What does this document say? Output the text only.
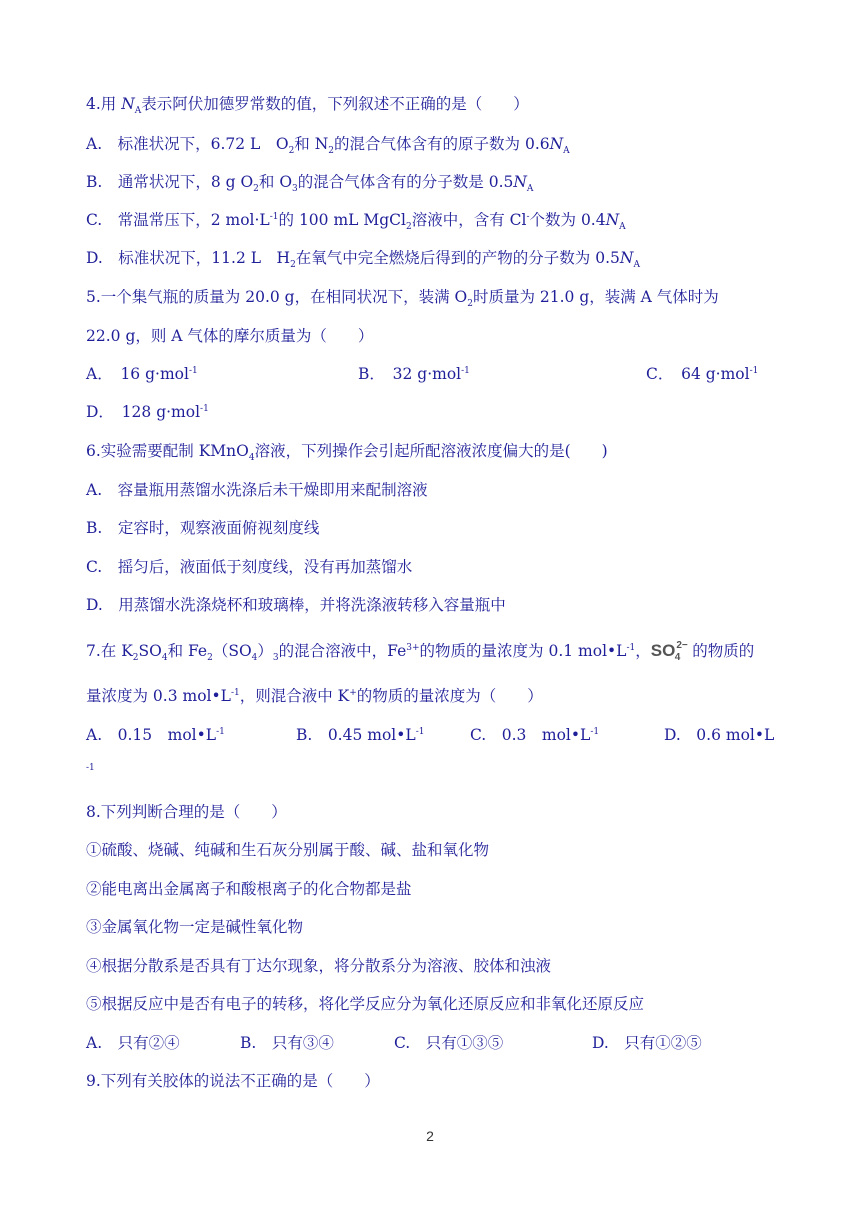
4.用 $N_A$表示阿伏加德罗常数的值，下列叙述不正确的是（　　）
A.　标准状况下，6.72 L　$O_2$和 $N_2$的混合气体含有的原子数为 $0.6N_A$
B.　通常状况下，8 g $O_2$和 $O_3$的混合气体含有的分子数是 $0.5N_A$
C.　常温常压下，2 $mol\cdot L^{-1}$的 100 mL MgCl$_2$溶液中，含有 Cl-个数为 $0.4N_A$
D.　标准状况下，11.2 L　$H_2$在氧气中完全燃烧后得到的产物的分子数为 $0.5N_A$
5.一个集气瓶的质量为 20.0 g，在相同状况下，装满 $O_2$时质量为 21.0 g，装满 A 气体时为
22.0 g，则 A 气体的摩尔质量为（　　）
A．　16 g·mol$^{-1}$	B．　32 g·mol$^{-1}$	C．　64 g·mol$^{-1}$
D．　128 g·mol$^{-1}$
6.实验需要配制 KMnO$_4$溶液，下列操作会引起所配溶液浓度偏大的是(　　)
A.　容量瓶用蒸馏水洗涤后未干燥即用来配制溶液
B.　定容时，观察液面俯视刻度线
C.　摇匀后，液面低于刻度线，没有再加蒸馏水
D.　用蒸馏水洗涤烧杯和玻璃棒，并将洗涤液转移入容量瓶中
7.在 $K_2SO_4$和 $Fe_2(SO_4)_3$的混合溶液中，$Fe^{3+}$的物质的量浓度为 0.1 $mol•L^{-1}$，$SO^{2-}_4$ 的物质的
量浓度为 0.3 $mol•L^{-1}$，则混合液中 K+的物质的量浓度为（　　）
A.　0.15　$mol•L^{-1}$	B.　0.45 $mol•L^{-1}$	C.　0.3　$mol•L^{-1}$	D.　0.6 mol•L
-1
8.下列判断合理的是（　　）
①硫酸、烧碱、纯碱和生石灰分别属于酸、碱、盐和氧化物
②能电离出金属离子和酸根离子的化合物都是盐
③金属氧化物一定是碱性氧化物
④根据分散系是否具有丁达尔现象，将分散系分为溶液、胶体和浊液
⑤根据反应中是否有电子的转移，将化学反应分为氧化还原反应和非氧化还原反应
A.　只有②④	B.　只有③④	C.　只有①③⑤	D.　只有①②⑤
9.下列有关胶体的说法不正确的是（　　）
2
